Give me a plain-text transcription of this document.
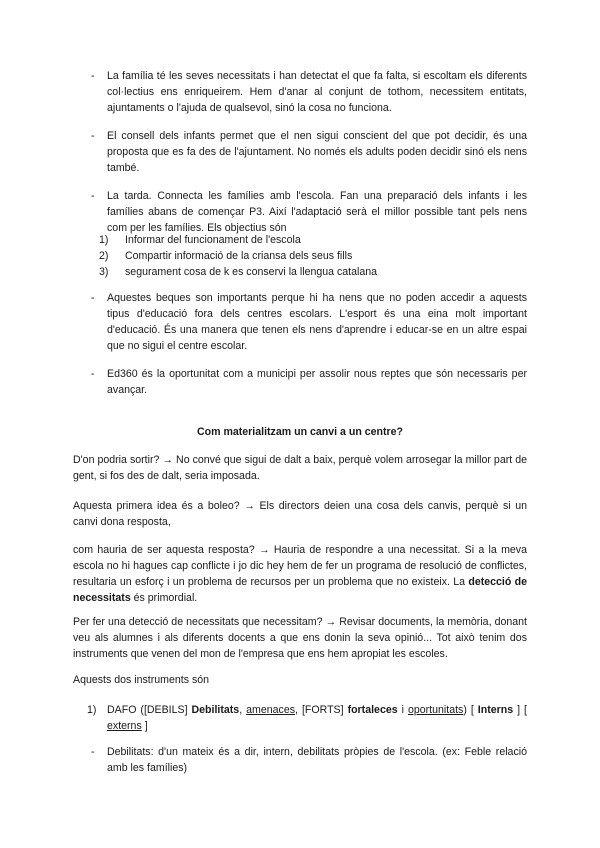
- La família té les seves necessitats i han detectat el que fa falta, si escoltam els diferents col·lectius ens enriqueirem. Hem d'anar al conjunt de tothom, necessitem entitats, ajuntaments o l'ajuda de qualsevol, sinó la cosa no funciona.
- El consell dels infants permet que el nen sigui conscient del que pot decidir, és una proposta que es fa des de l'ajuntament. No només els adults poden decidir sinó els nens també.
- La tarda. Connecta les famílies amb l'escola. Fan una preparació dels infants i les famílies abans de començar P3. Així l'adaptació serà el millor possible tant pels nens com per les famílies. Els objectius són
1) Informar del funcionament de l'escola
2) Compartir informació de la criansa dels seus fills
3) segurament cosa de k es conservi la llengua catalana
- Aquestes beques son importants perque hi ha nens que no poden accedir a aquests tipus d'educació fora dels centres escolars. L'esport és una eina molt important d'educació. És una manera que tenen els nens d'aprendre i educar-se en un altre espai que no sigui el centre escolar.
- Ed360 és la oportunitat com a municipi per assolir nous reptes que són necessaris per avançar.
Com materialitzam un canvi a un centre?
D'on podria sortir? → No convé que sigui de dalt a baix, perquè volem arrosegar la millor part de gent, si fos des de dalt, seria imposada.
Aquesta primera idea és a boleo? → Els directors deien una cosa dels canvis, perquè si un canvi dona resposta,
com hauria de ser aquesta resposta? → Hauria de respondre a una necessitat. Si a la meva escola no hi hagues cap conflicte i jo dic hey hem de fer un programa de resolució de conflictes, resultaria un esforç i un problema de recursos per un problema que no existeix. La detecció de necessitats és primordial.
Per fer una detecció de necessitats que necessitam? → Revisar documents, la memòria, donant veu als alumnes i als diferents docents a que ens donin la seva opinió... Tot això tenim dos instruments que venen del mon de l'empresa que ens hem apropiat les escoles.
Aquests dos instruments són
1) DAFO ([DEBILS] Debilitats, amenaces, [FORTS] fortaleces i oportunitats) [ Interns ] [ externs ]
- Debilitats: d'un mateix és a dir, intern, debilitats pròpies de l'escola. (ex: Feble relació amb les famílies)
